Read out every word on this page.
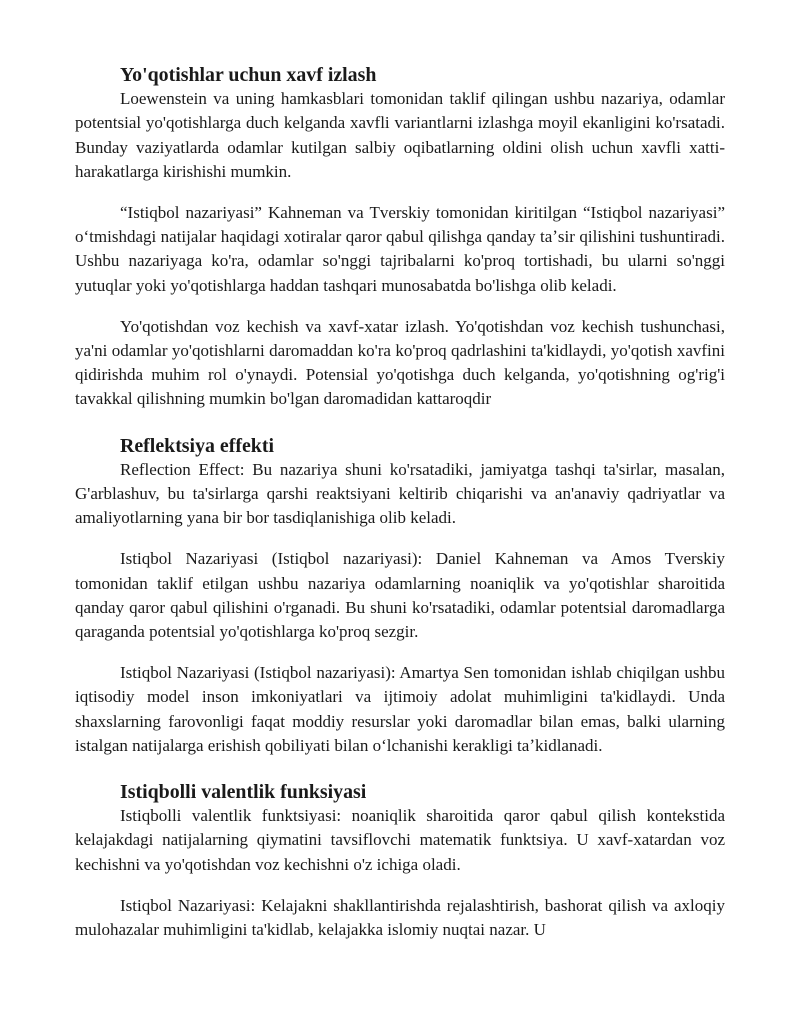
Yo'qotishlar uchun xavf izlash

Loewenstein va uning hamkasblari tomonidan taklif qilingan ushbu nazariya, odamlar potentsial yo'qotishlarga duch kelganda xavfli variantlarni izlashga moyil ekanligini ko'rsatadi. Bunday vaziyatlarda odamlar kutilgan salbiy oqibatlarning oldini olish uchun xavfli xatti-harakatlarga kirishishi mumkin.

“Istiqbol nazariyasi” Kahneman va Tverskiy tomonidan kiritilgan “Istiqbol nazariyasi” oʻtmishdagi natijalar haqidagi xotiralar qaror qabul qilishga qanday taʼsir qilishini tushuntiradi. Ushbu nazariyaga ko'ra, odamlar so'nggi tajribalarni ko'proq tortishadi, bu ularni so'nggi yutuqlar yoki yo'qotishlarga haddan tashqari munosabatda bo'lishga olib keladi.

Yo'qotishdan voz kechish va xavf-xatar izlash. Yo'qotishdan voz kechish tushunchasi, ya'ni odamlar yo'qotishlarni daromaddan ko'ra ko'proq qadrlashini ta'kidlaydi, yo'qotish xavfini qidirishda muhim rol o'ynaydi. Potensial yo'qotishga duch kelganda, yo'qotishning og'rig'i tavakkal qilishning mumkin bo'lgan daromadidan kattaroqdir

Reflektsiya effekti

Reflection Effect: Bu nazariya shuni ko'rsatadiki, jamiyatga tashqi ta'sirlar, masalan, G'arblashuv, bu ta'sirlarga qarshi reaktsiyani keltirib chiqarishi va an'anaviy qadriyatlar va amaliyotlarning yana bir bor tasdiqlanishiga olib keladi.

Istiqbol Nazariyasi (Istiqbol nazariyasi): Daniel Kahneman va Amos Tverskiy tomonidan taklif etilgan ushbu nazariya odamlarning noaniqlik va yo'qotishlar sharoitida qanday qaror qabul qilishini o'rganadi. Bu shuni ko'rsatadiki, odamlar potentsial daromadlarga qaraganda potentsial yo'qotishlarga ko'proq sezgir.

Istiqbol Nazariyasi (Istiqbol nazariyasi): Amartya Sen tomonidan ishlab chiqilgan ushbu iqtisodiy model inson imkoniyatlari va ijtimoiy adolat muhimligini ta'kidlaydi. Unda shaxslarning farovonligi faqat moddiy resurslar yoki daromadlar bilan emas, balki ularning istalgan natijalarga erishish qobiliyati bilan oʻlchanishi kerakligi taʼkidlanadi.

Istiqbolli valentlik funksiyasi

Istiqbolli valentlik funktsiyasi: noaniqlik sharoitida qaror qabul qilish kontekstida kelajakdagi natijalarning qiymatini tavsiflovchi matematik funktsiya. U xavf-xatardan voz kechishni va yo'qotishdan voz kechishni o'z ichiga oladi.

Istiqbol Nazariyasi: Kelajakni shakllantirishda rejalashtirish, bashorat qilish va axloqiy mulohazalar muhimligini ta'kidlab, kelajakka islomiy nuqtai nazar. U
